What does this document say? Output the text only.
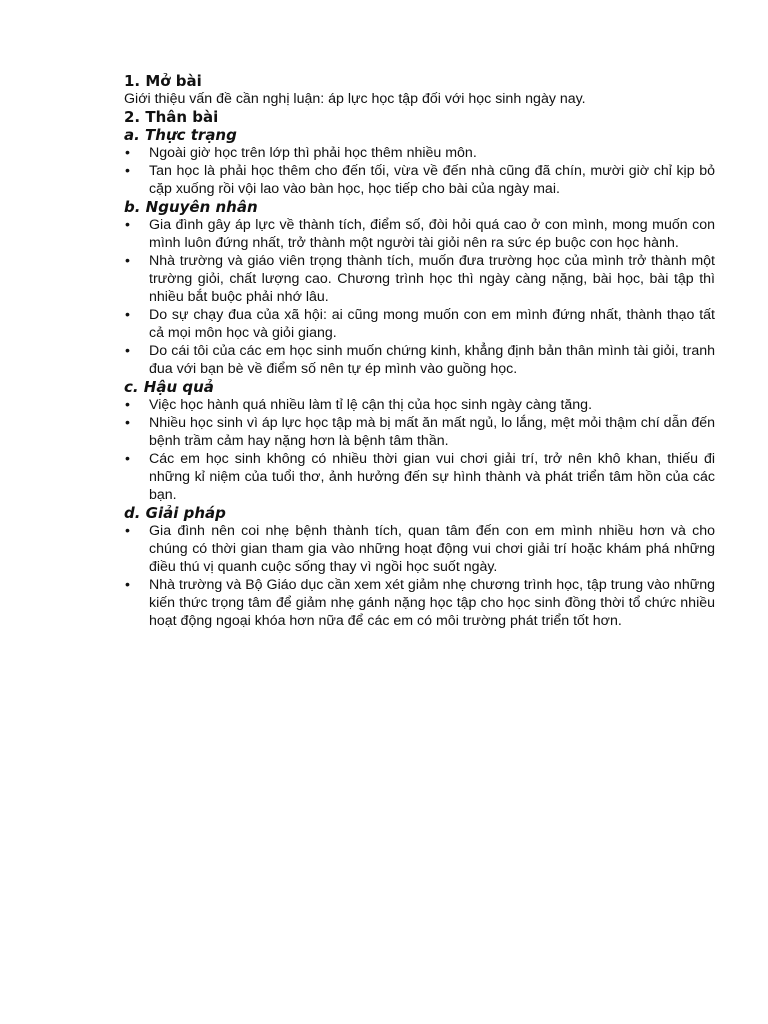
1. Mở bài

Giới thiệu vấn đề cần nghị luận: áp lực học tập đối với học sinh ngày nay.

2. Thân bài
a. Thực trạng
• Ngoài giờ học trên lớp thì phải học thêm nhiều môn.
• Tan học là phải học thêm cho đến tối, vừa về đến nhà cũng đã chín, mười giờ chỉ kịp bỏ cặp xuống rồi vội lao vào bàn học, học tiếp cho bài của ngày mai.
b. Nguyên nhân
• Gia đình gây áp lực về thành tích, điểm số, đòi hỏi quá cao ở con mình, mong muốn con mình luôn đứng nhất, trở thành một người tài giỏi nên ra sức ép buộc con học hành.
• Nhà trường và giáo viên trọng thành tích, muốn đưa trường học của mình trở thành một trường giỏi, chất lượng cao. Chương trình học thì ngày càng nặng, bài học, bài tập thì nhiều bắt buộc phải nhớ lâu.
• Do sự chạy đua của xã hội: ai cũng mong muốn con em mình đứng nhất, thành thạo tất cả mọi môn học và giỏi giang.
• Do cái tôi của các em học sinh muốn chứng kinh, khẳng định bản thân mình tài giỏi, tranh đua với bạn bè về điểm số nên tự ép mình vào guồng học.
c. Hậu quả
• Việc học hành quá nhiều làm tỉ lệ cận thị của học sinh ngày càng tăng.
• Nhiều học sinh vì áp lực học tập mà bị mất ăn mất ngủ, lo lắng, mệt mỏi thậm chí dẫn đến bệnh trầm cảm hay nặng hơn là bệnh tâm thần.
• Các em học sinh không có nhiều thời gian vui chơi giải trí, trở nên khô khan, thiếu đi những kỉ niệm của tuổi thơ, ảnh hưởng đến sự hình thành và phát triển tâm hồn của các bạn.
d. Giải pháp
• Gia đình nên coi nhẹ bệnh thành tích, quan tâm đến con em mình nhiều hơn và cho chúng có thời gian tham gia vào những hoạt động vui chơi giải trí hoặc khám phá những điều thú vị quanh cuộc sống thay vì ngồi học suốt ngày.
• Nhà trường và Bộ Giáo dục cần xem xét giảm nhẹ chương trình học, tập trung vào những kiến thức trọng tâm để giảm nhẹ gánh nặng học tập cho học sinh đồng thời tổ chức nhiều hoạt động ngoại khóa hơn nữa để các em có môi trường phát triển tốt hơn.
